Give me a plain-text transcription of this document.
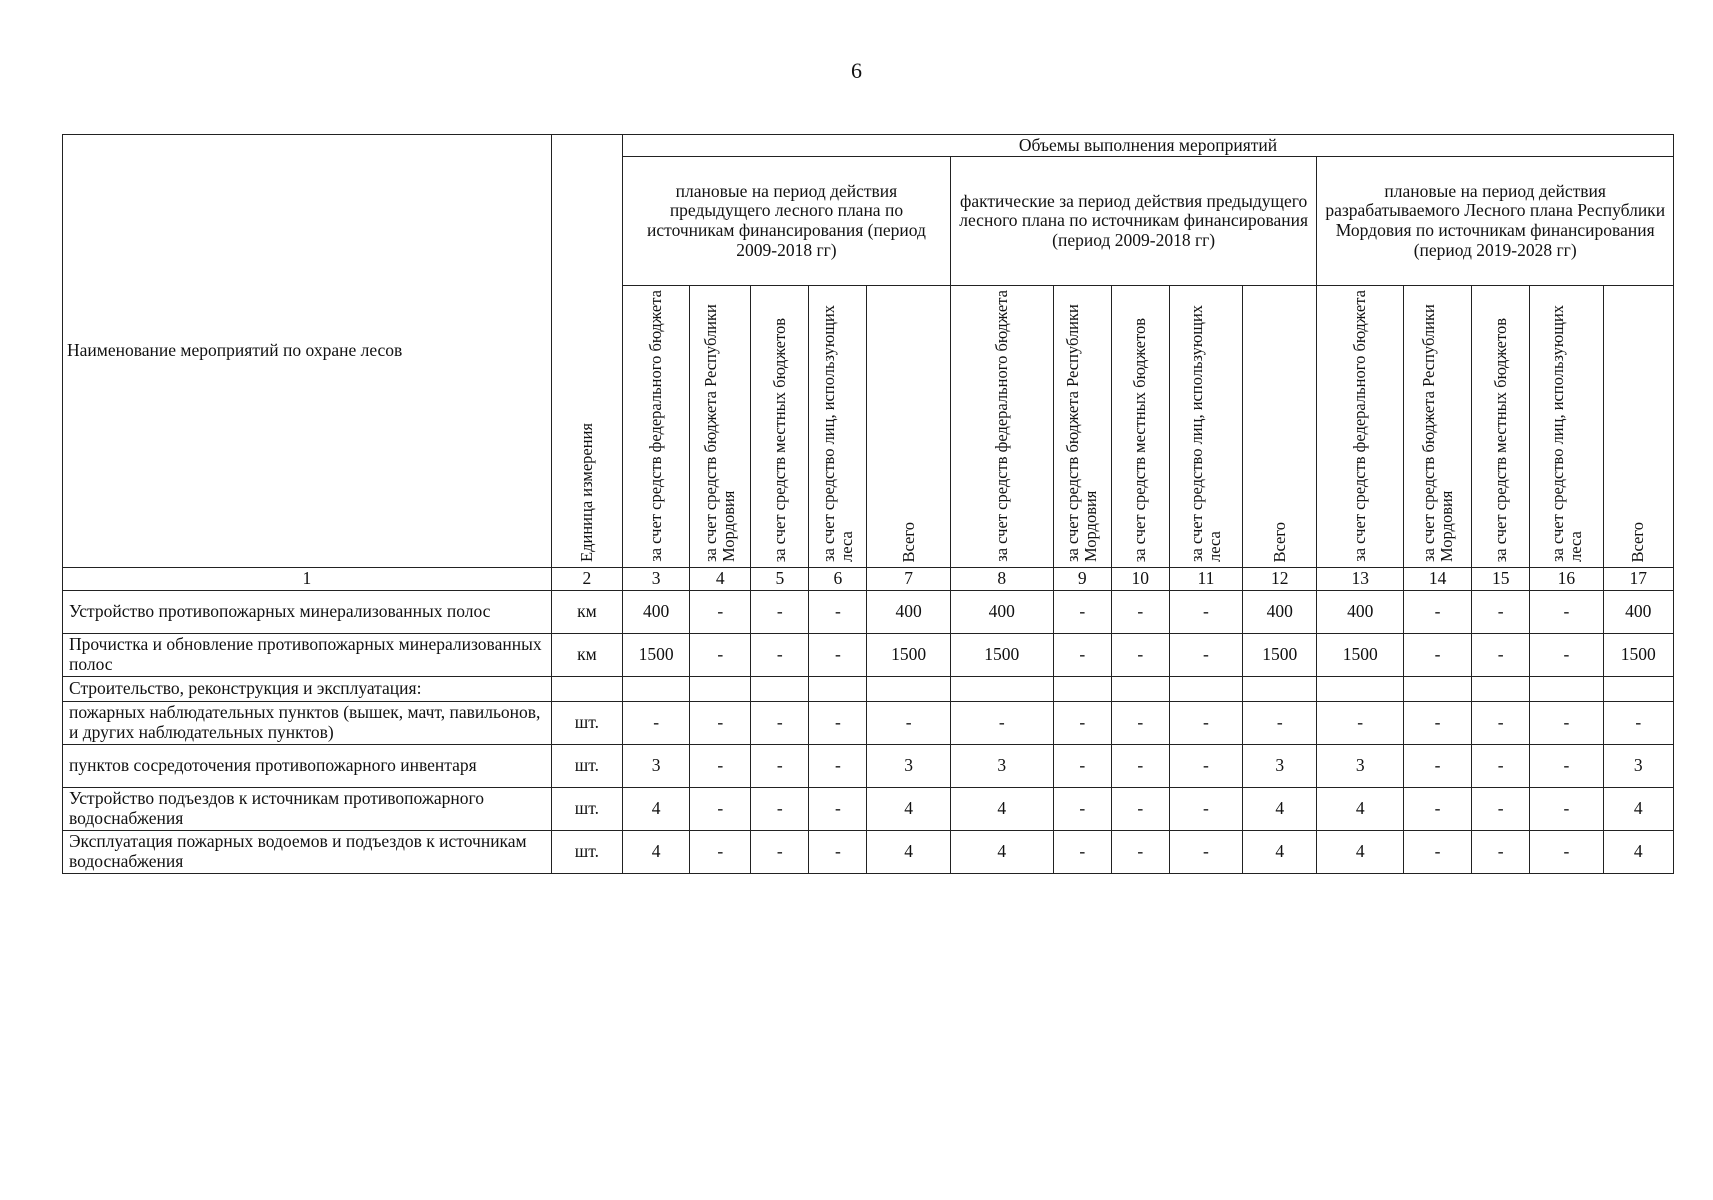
6
Наименование мероприятий по охране лесов	Единица измерения	Объемы выполнения мероприятий														
		плановые на период действия предыдущего лесного плана по источникам финансирования (период 2009-2018 гг)					фактические за период действия предыдущего лесного плана по источникам финансирования (период 2009-2018 гг)					плановые на период действия разрабатываемого Лесного плана Республики Мордовия по источникам финансирования (период 2019-2028 гг)				
		за счет средств федерального бюджета	за счет средств бюджета Республики Мордовия	за счет средств местных бюджетов	за счет средство лиц, использующих леса	Всего	за счет средств федерального бюджета	за счет средств бюджета Республики Мордовия	за счет средств местных бюджетов	за счет средство лиц, использующих леса	Всего	за счет средств федерального бюджета	за счет средств бюджета Республики Мордовия	за счет средств местных бюджетов	за счет средство лиц, использующих леса	Всего
1	2	3	4	5	6	7	8	9	10	11	12	13	14	15	16	17
Устройство противопожарных минерализованных полос	км	400	-	-	-	400	400	-	-	-	400	400	-	-	-	400
Прочистка и обновление противопожарных минерализованных полос	км	1500	-	-	-	1500	1500	-	-	-	1500	1500	-	-	-	1500
Строительство, реконструкция и эксплуатация:																
пожарных наблюдательных пунктов (вышек, мачт, павильонов, и других наблюдательных пунктов)	шт.	-	-	-	-	-	-	-	-	-	-	-	-	-	-	-
пунктов сосредоточения противопожарного инвентаря	шт.	3	-	-	-	3	3	-	-	-	3	3	-	-	-	3
Устройство подъездов к источникам противопожарного водоснабжения	шт.	4	-	-	-	4	4	-	-	-	4	4	-	-	-	4
Эксплуатация пожарных водоемов и подъездов к источникам водоснабжения	шт.	4	-	-	-	4	4	-	-	-	4	4	-	-	-	4
